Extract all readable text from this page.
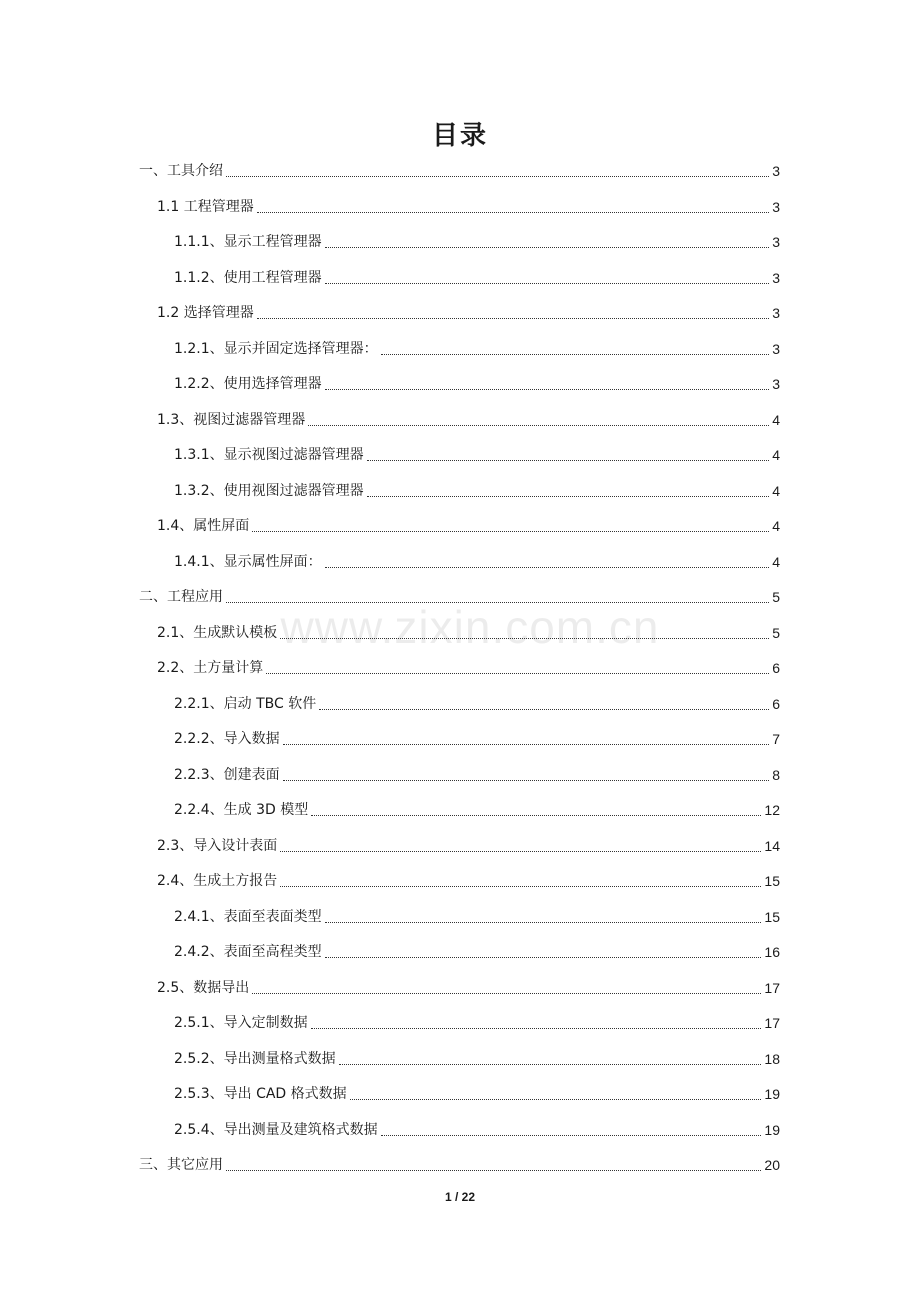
目录
www.zixin.com.cn
一、工具介绍	3
1.1 工程管理器	3
1.1.1、显示工程管理器	3
1.1.2、使用工程管理器	3
1.2 选择管理器	3
1.2.1、显示并固定选择管理器：	3
1.2.2、使用选择管理器	3
1.3、视图过滤器管理器	4
1.3.1、显示视图过滤器管理器	4
1.3.2、使用视图过滤器管理器	4
1.4、属性屏面	4
1.4.1、显示属性屏面：	4
二、工程应用	5
2.1、生成默认模板	5
2.2、土方量计算	6
2.2.1、启动 TBC 软件	6
2.2.2、导入数据	7
2.2.3、创建表面	8
2.2.4、生成 3D 模型	12
2.3、导入设计表面	14
2.4、生成土方报告	15
2.4.1、表面至表面类型	15
2.4.2、表面至高程类型	16
2.5、数据导出	17
2.5.1、导入定制数据	17
2.5.2、导出测量格式数据	18
2.5.3、导出 CAD 格式数据	19
2.5.4、导出测量及建筑格式数据	19
三、其它应用	20
1 / 22
